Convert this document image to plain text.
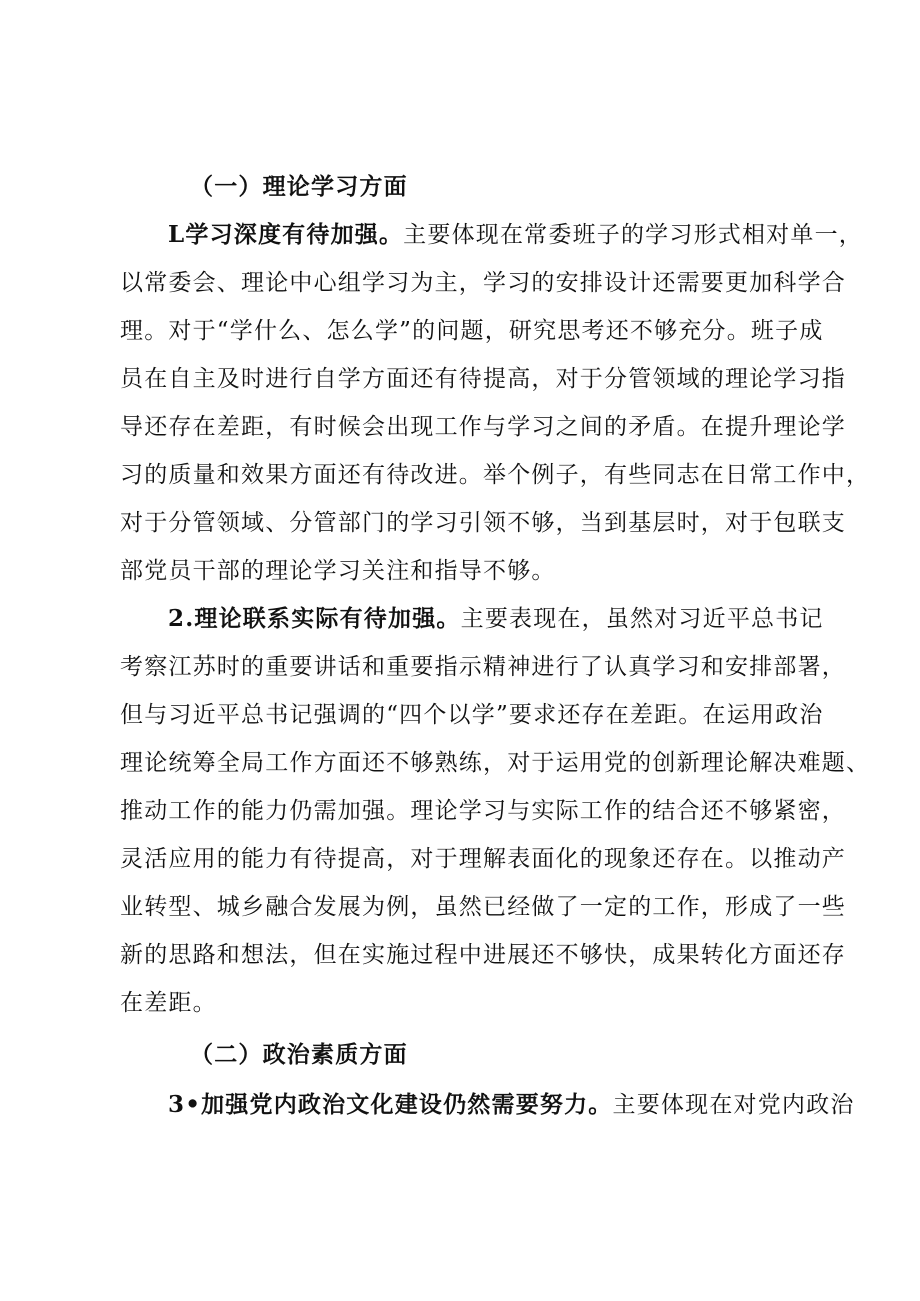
（一）理论学习方面
L学习深度有待加强。主要体现在常委班子的学习形式相对单一，
以常委会、理论中心组学习为主，学习的安排设计还需要更加科学合
理。对于“学什么、怎么学”的问题，研究思考还不够充分。班子成
员在自主及时进行自学方面还有待提高，对于分管领域的理论学习指
导还存在差距，有时候会出现工作与学习之间的矛盾。在提升理论学
习的质量和效果方面还有待改进。举个例子，有些同志在日常工作中，
对于分管领域、分管部门的学习引领不够，当到基层时，对于包联支
部党员干部的理论学习关注和指导不够。
2.理论联系实际有待加强。主要表现在，虽然对习近平总书记
考察江苏时的重要讲话和重要指示精神进行了认真学习和安排部署，
但与习近平总书记强调的“四个以学”要求还存在差距。在运用政治
理论统筹全局工作方面还不够熟练，对于运用党的创新理论解决难题、
推动工作的能力仍需加强。理论学习与实际工作的结合还不够紧密，
灵活应用的能力有待提高，对于理解表面化的现象还存在。以推动产
业转型、城乡融合发展为例，虽然已经做了一定的工作，形成了一些
新的思路和想法，但在实施过程中进展还不够快，成果转化方面还存
在差距。
（二）政治素质方面
3•加强党内政治文化建设仍然需要努力。主要体现在对党内政治
